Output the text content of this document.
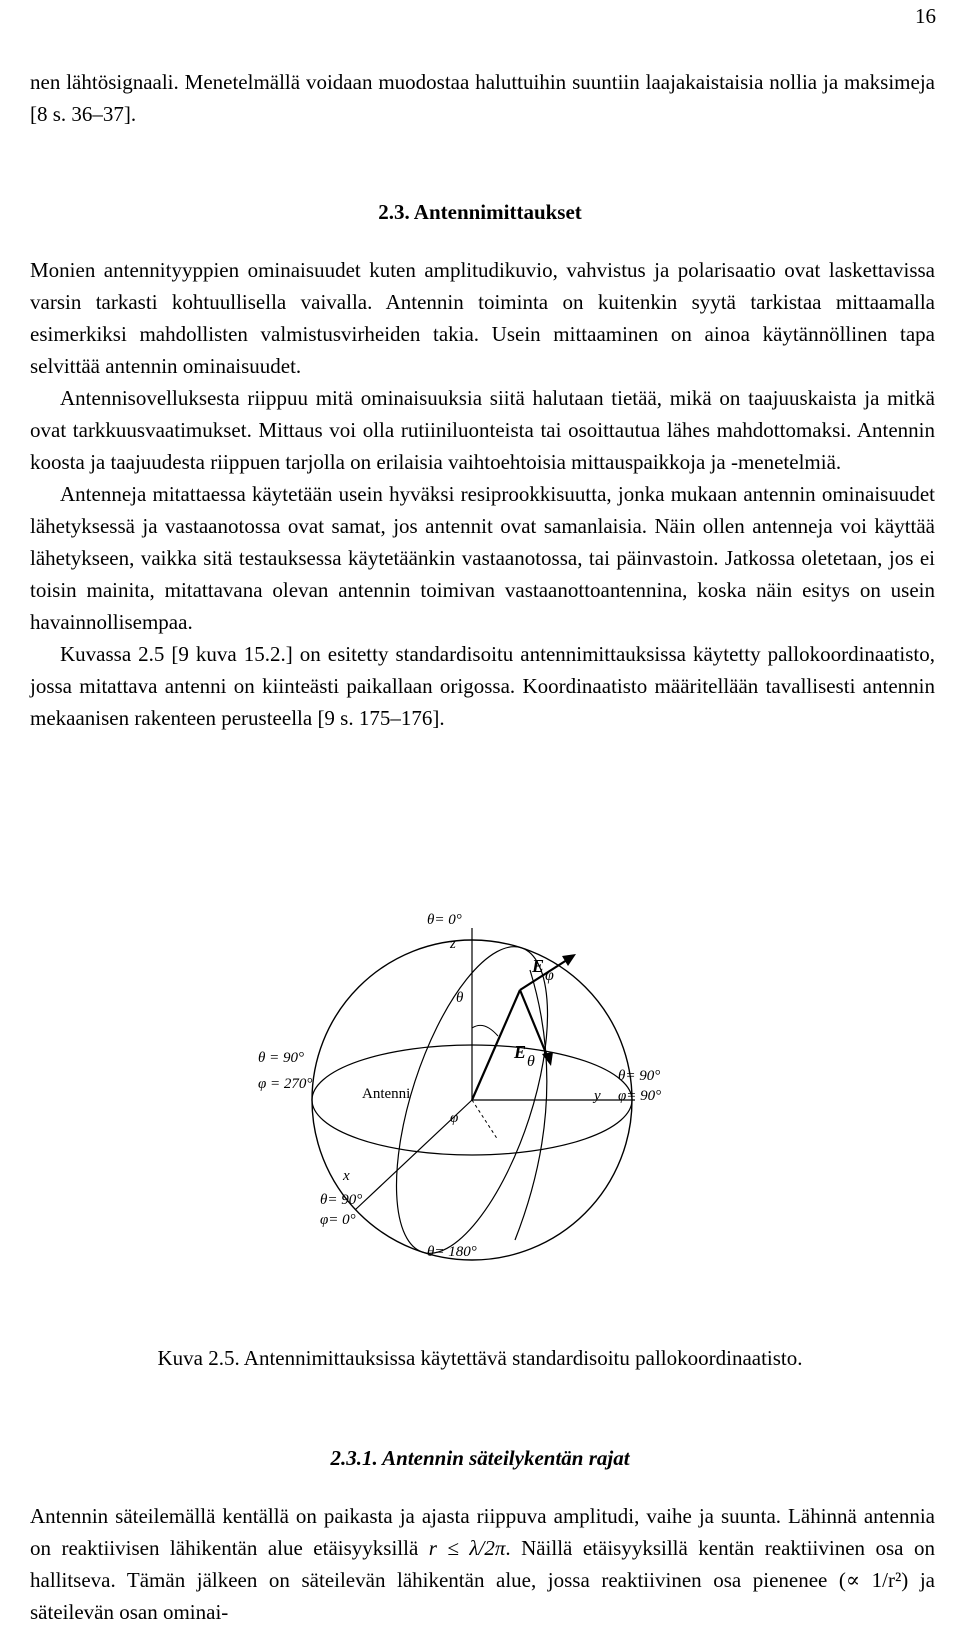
16

nen lähtösignaali. Menetelmällä voidaan muodostaa haluttuihin suuntiin laajakaistaisia nollia ja maksimeja [8 s. 36–37].

2.3. Antennimittaukset

Monien antennityyppien ominaisuudet kuten amplitudikuvio, vahvistus ja polarisaatio ovat laskettavissa varsin tarkasti kohtuullisella vaivalla. Antennin toiminta on kuitenkin syytä tarkistaa mittaamalla esimerkiksi mahdollisten valmistusvirheiden takia. Usein mittaaminen on ainoa käytännöllinen tapa selvittää antennin ominaisuudet.

Antennisovelluksesta riippuu mitä ominaisuuksia siitä halutaan tietää, mikä on taajuuskaista ja mitkä ovat tarkkuusvaatimukset. Mittaus voi olla rutiiniluonteista tai osoittautua lähes mahdottomaksi. Antennin koosta ja taajuudesta riippuen tarjolla on erilaisia vaihtoehtoisia mittauspaikkoja ja -menetelmiä.

Antenneja mitattaessa käytetään usein hyväksi resiprookkisuutta, jonka mukaan antennin ominaisuudet lähetyksessä ja vastaanotossa ovat samat, jos antennit ovat samanlaisia. Näin ollen antenneja voi käyttää lähetykseen, vaikka sitä testauksessa käytetäänkin vastaanotossa, tai päinvastoin. Jatkossa oletetaan, jos ei toisin mainita, mitattavana olevan antennin toimivan vastaanottoantennina, koska näin esitys on usein havainnollisempaa.

Kuvassa 2.5 [9 kuva 15.2.] on esitetty standardisoitu antennimittauksissa käytetty pallokoordinaatisto, jossa mitattava antenni on kiinteästi paikallaan origossa. Koordinaatisto määritellään tavallisesti antennin mekaanisen rakenteen perusteella [9 s. 175–176].

θ= 0°
z
E φ
θ
E θ
θ = 90°
φ = 270°
Antenni
φ
y
θ= 90°
φ= 90°
x
θ= 90°
φ= 0°
θ= 180°
Kuva 2.5. Antennimittauksissa käytettävä standardisoitu pallokoordinaatisto.
2.3.1. Antennin säteilykentän rajat

Antennin säteilemällä kentällä on paikasta ja ajasta riippuva amplitudi, vaihe ja suunta. Lähinnä antennia on reaktiivisen lähikentän alue etäisyyksillä r ≤ λ/2π. Näillä etäisyyksillä kentän reaktiivinen osa on hallitseva. Tämän jälkeen on säteilevän lähikentän alue, jossa reaktiivinen osa pienenee (∝ 1/r²) ja säteilevän osan ominai-
